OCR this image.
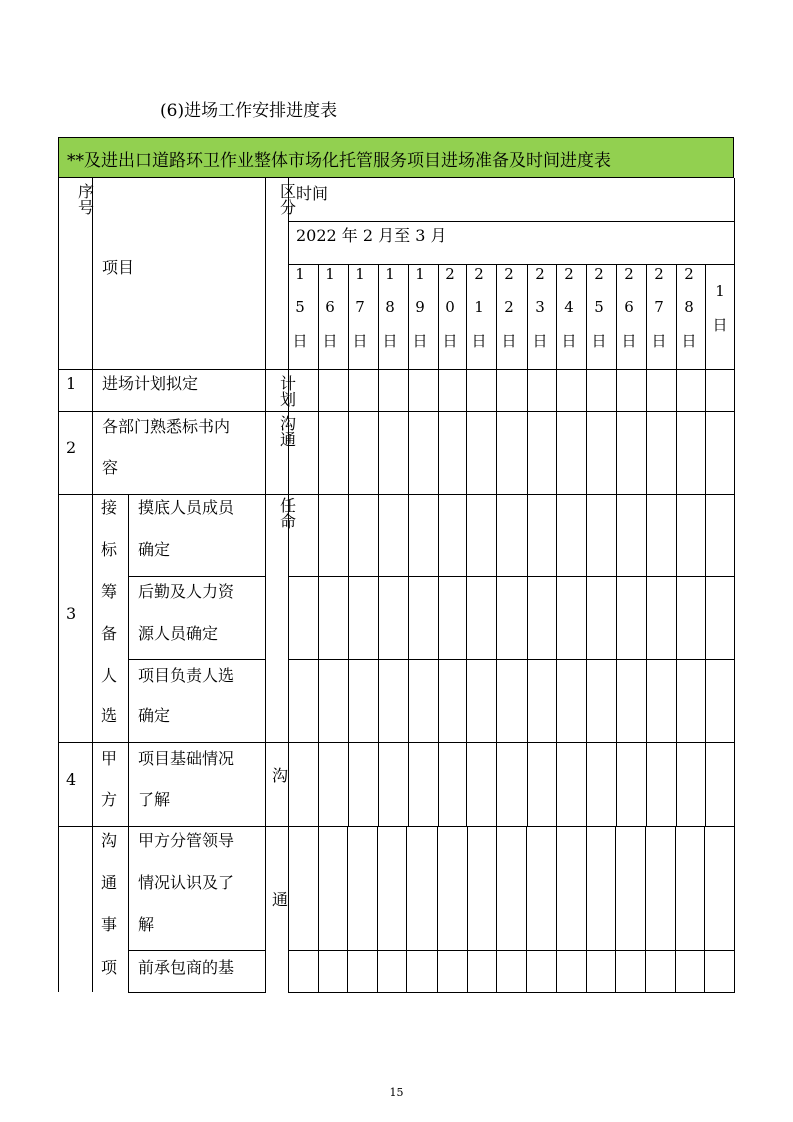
(6)进场工作安排进度表
**及进出口道路环卫作业整体市场化托管服务项目进场准备及时间进度表
序号
项目
区分
时间
2022 年 2 月至 3 月
1
5
日
1
6
日
1
7
日
1
8
日
1
9
日
2
0
日
2
1
日
2
2
日
2
3
日
2
4
日
2
5
日
2
6
日
2
7
日
2
8
日
1
日
1 进场计划拟定	计划
2
各部门熟悉标书内
容
沟通
3
接
标
筹
备
人
选
摸底人员成员
确定
后勤及人力资
源人员确定
项目负责人选
确定
任命
4
甲
方
项目基础情况
了解
沟
沟
通
事
项
甲方分管领导
情况认识及了
解
前承包商的基
通
15
